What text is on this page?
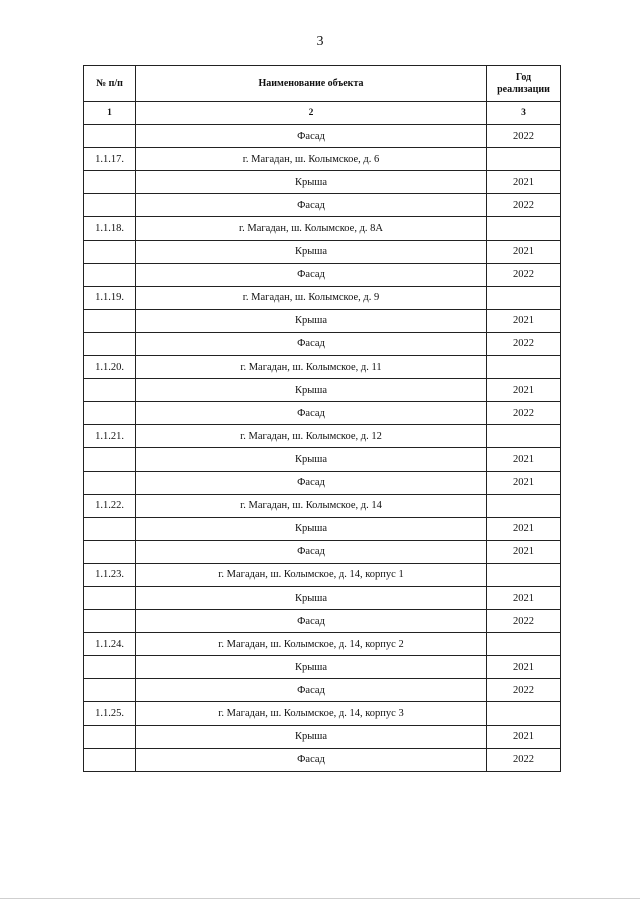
3
№ п/п	Наименование объекта	Год реализации
1	2	3
	Фасад	2022
1.1.17.	г. Магадан, ш. Колымское, д. 6	
	Крыша	2021
	Фасад	2022
1.1.18.	г. Магадан, ш. Колымское, д. 8А	
	Крыша	2021
	Фасад	2022
1.1.19.	г. Магадан, ш. Колымское, д. 9	
	Крыша	2021
	Фасад	2022
1.1.20.	г. Магадан, ш. Колымское, д. 11	
	Крыша	2021
	Фасад	2022
1.1.21.	г. Магадан, ш. Колымское, д. 12	
	Крыша	2021
	Фасад	2021
1.1.22.	г. Магадан, ш. Колымское, д. 14	
	Крыша	2021
	Фасад	2021
1.1.23.	г. Магадан, ш. Колымское, д. 14, корпус 1	
	Крыша	2021
	Фасад	2022
1.1.24.	г. Магадан, ш. Колымское, д. 14, корпус 2	
	Крыша	2021
	Фасад	2022
1.1.25.	г. Магадан, ш. Колымское, д. 14, корпус 3	
	Крыша	2021
	Фасад	2022
